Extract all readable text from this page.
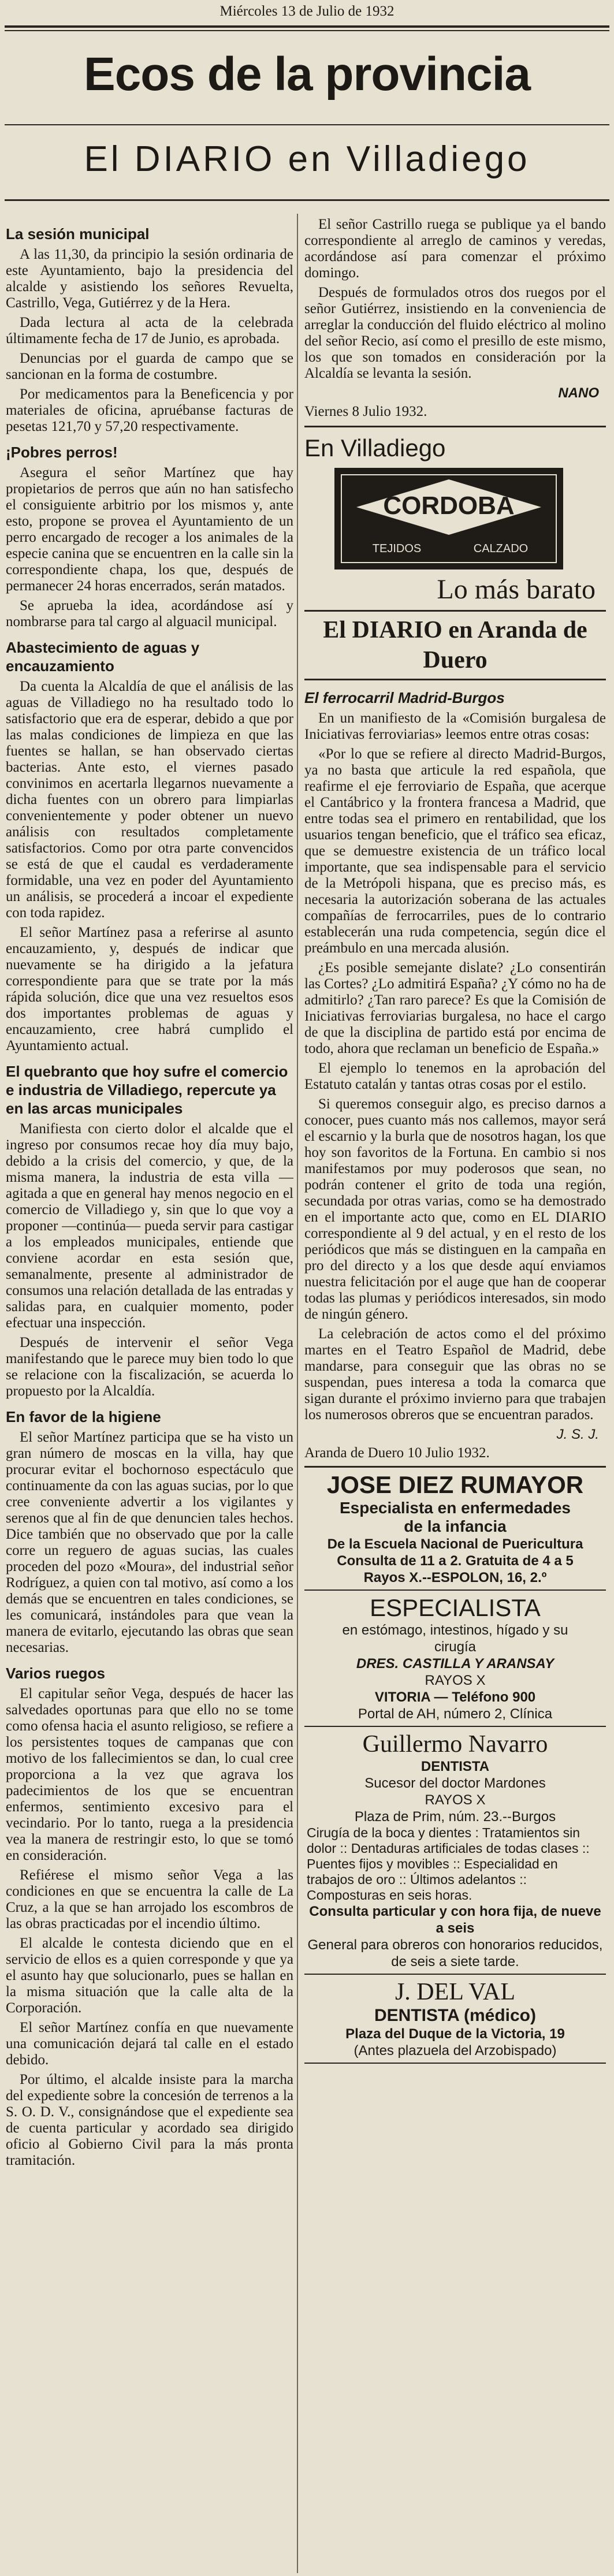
Miércoles 13 de Julio de 1932
Ecos de la provincia
El DIARIO en Villadiego
La sesión municipal

A las 11,30, da principio la sesión ordinaria de este Ayuntamiento, bajo la presidencia del alcalde y asistiendo los señores Revuelta, Castrillo, Vega, Gutiérrez y de la Hera.

Dada lectura al acta de la celebrada últimamente fecha de 17 de Junio, es aprobada.

Denuncias por el guarda de campo que se sancionan en la forma de costumbre.

Por medicamentos para la Beneficencia y por materiales de oficina, apruébanse facturas de pesetas 121,70 y 57,20 respectivamente.

¡Pobres perros!

Asegura el señor Martínez que hay propietarios de perros que aún no han satisfecho el consiguiente arbitrio por los mismos y, ante esto, propone se provea el Ayuntamiento de un perro encargado de recoger a los animales de la especie canina que se encuentren en la calle sin la correspondiente chapa, los que, después de permanecer 24 horas encerrados, serán matados.

Se aprueba la idea, acordándose así y nombrarse para tal cargo al alguacil municipal.

Abastecimiento de aguas y encauzamiento

Da cuenta la Alcaldía de que el análisis de las aguas de Villadiego no ha resultado todo lo satisfactorio que era de esperar, debido a que por las malas condiciones de limpieza en que las fuentes se hallan, se han observado ciertas bacterias. Ante esto, el viernes pasado convinimos en acertarla llegarnos nuevamente a dicha fuentes con un obrero para limpiarlas convenientemente y poder obtener un nuevo análisis con resultados completamente satisfactorios. Como por otra parte convencidos se está de que el caudal es verdaderamente formidable, una vez en poder del Ayuntamiento un análisis, se procederá a incoar el expediente con toda rapidez.

El señor Martínez pasa a referirse al asunto encauzamiento, y, después de indicar que nuevamente se ha dirigido a la jefatura correspondiente para que se trate por la más rápida solución, dice que una vez resueltos esos dos importantes problemas de aguas y encauzamiento, cree habrá cumplido el Ayuntamiento actual.

El quebranto que hoy sufre el comercio e industria de Villadiego, repercute ya en las arcas municipales

Manifiesta con cierto dolor el alcalde que el ingreso por consumos recae hoy día muy bajo, debido a la crisis del comercio, y que, de la misma manera, la industria de esta villa —agitada a que en general hay menos negocio en el comercio de Villadiego y, sin que lo que voy a proponer —continúa— pueda servir para castigar a los empleados municipales, entiende que conviene acordar en esta sesión que, semanalmente, presente al administrador de consumos una relación detallada de las entradas y salidas para, en cualquier momento, poder efectuar una inspección.

Después de intervenir el señor Vega manifestando que le parece muy bien todo lo que se relacione con la fiscalización, se acuerda lo propuesto por la Alcaldía.

En favor de la higiene

El señor Martínez participa que se ha visto un gran número de moscas en la villa, hay que procurar evitar el bochornoso espectáculo que continuamente da con las aguas sucias, por lo que cree conveniente advertir a los vigilantes y serenos que al fin de que denuncien tales hechos. Dice también que no observado que por la calle corre un reguero de aguas sucias, las cuales proceden del pozo «Moura», del industrial señor Rodríguez, a quien con tal motivo, así como a los demás que se encuentren en tales condiciones, se les comunicará, instándoles para que vean la manera de evitarlo, ejecutando las obras que sean necesarias.

Varios ruegos

El capitular señor Vega, después de hacer las salvedades oportunas para que ello no se tome como ofensa hacia el asunto religioso, se refiere a los persistentes toques de campanas que con motivo de los fallecimientos se dan, lo cual cree proporciona a la vez que agrava los padecimientos de los que se encuentran enfermos, sentimiento excesivo para el vecindario. Por lo tanto, ruega a la presidencia vea la manera de restringir esto, lo que se tomó en consideración.

Refiérese el mismo señor Vega a las condiciones en que se encuentra la calle de La Cruz, a la que se han arrojado los escombros de las obras practicadas por el incendio último.

El alcalde le contesta diciendo que en el servicio de ellos es a quien corresponde y que ya el asunto hay que solucionarlo, pues se hallan en la misma situación que la calle alta de la Corporación.

El señor Martínez confía en que nuevamente una comunicación dejará tal calle en el estado debido.

Por último, el alcalde insiste para la marcha del expediente sobre la concesión de terrenos a la S. O. D. V., consignándose que el expediente sea de cuenta particular y acordado sea dirigido oficio al Gobierno Civil para la más pronta tramitación.

El señor Castrillo ruega se publique ya el bando correspondiente al arreglo de caminos y veredas, acordándose así para comenzar el próximo domingo.

Después de formulados otros dos ruegos por el señor Gutiérrez, insistiendo en la conveniencia de arreglar la conducción del fluido eléctrico al molino del señor Recio, así como el presillo de este mismo, los que son tomados en consideración por la Alcaldía se levanta la sesión.

NANO
Viernes 8 Julio 1932.
En Villadiego
CORDOBA
TEJIDOS	CALZADO
Lo más barato
El DIARIO en Aranda de Duero
El ferrocarril Madrid-Burgos

En un manifiesto de la «Comisión burgalesa de Iniciativas ferroviarias» leemos entre otras cosas:

«Por lo que se refiere al directo Madrid-Burgos, ya no basta que articule la red española, que reafirme el eje ferroviario de España, que acerque el Cantábrico y la frontera francesa a Madrid, que entre todas sea el primero en rentabilidad, que los usuarios tengan beneficio, que el tráfico sea eficaz, que se demuestre existencia de un tráfico local importante, que sea indispensable para el servicio de la Metrópoli hispana, que es preciso más, es necesaria la autorización soberana de las actuales compañías de ferrocarriles, pues de lo contrario establecerán una ruda competencia, según dice el preámbulo en una mercada alusión.

¿Es posible semejante dislate? ¿Lo consentirán las Cortes? ¿Lo admitirá España? ¿Y cómo no ha de admitirlo? ¿Tan raro parece? Es que la Comisión de Iniciativas ferroviarias burgalesa, no hace el cargo de que la disciplina de partido está por encima de todo, ahora que reclaman un beneficio de España.»

El ejemplo lo tenemos en la aprobación del Estatuto catalán y tantas otras cosas por el estilo.

Si queremos conseguir algo, es preciso darnos a conocer, pues cuanto más nos callemos, mayor será el escarnio y la burla que de nosotros hagan, los que hoy son favoritos de la Fortuna. En cambio si nos manifestamos por muy poderosos que sean, no podrán contener el grito de toda una región, secundada por otras varias, como se ha demostrado en el importante acto que, como en EL DIARIO correspondiente al 9 del actual, y en el resto de los periódicos que más se distinguen en la campaña en pro del directo y a los que desde aquí enviamos nuestra felicitación por el auge que han de cooperar todas las plumas y periódicos interesados, sin modo de ningún género.

La celebración de actos como el del próximo martes en el Teatro Español de Madrid, debe mandarse, para conseguir que las obras no se suspendan, pues interesa a toda la comarca que sigan durante el próximo invierno para que trabajen los numerosos obreros que se encuentran parados.

J. S. J.
Aranda de Duero 10 Julio 1932.
JOSE DIEZ RUMAYOR
Especialista en enfermedades
de la infancia
De la Escuela Nacional de Puericultura
Consulta de 11 a 2. Gratuita de 4 a 5
Rayos X.--ESPOLON, 16, 2.º
ESPECIALISTA
en estómago, intestinos, hígado y su
cirugía
DRES. CASTILLA Y ARANSAY
RAYOS X
VITORIA — Teléfono 900
Portal de AH, número 2, Clínica
Guillermo Navarro
DENTISTA
Sucesor del doctor Mardones
RAYOS X
Plaza de Prim, núm. 23.--Burgos
Cirugía de la boca y dientes : Tratamientos sin dolor :: Dentaduras artificiales de todas clases :: Puentes fijos y movibles :: Especialidad en trabajos de oro :: Últimos adelantos :: Composturas en seis horas.
Consulta particular y con hora fija, de nueve a seis
General para obreros con honorarios reducidos, de seis a siete tarde.
J. DEL VAL
DENTISTA (médico)
Plaza del Duque de la Victoria, 19
(Antes plazuela del Arzobispado)
